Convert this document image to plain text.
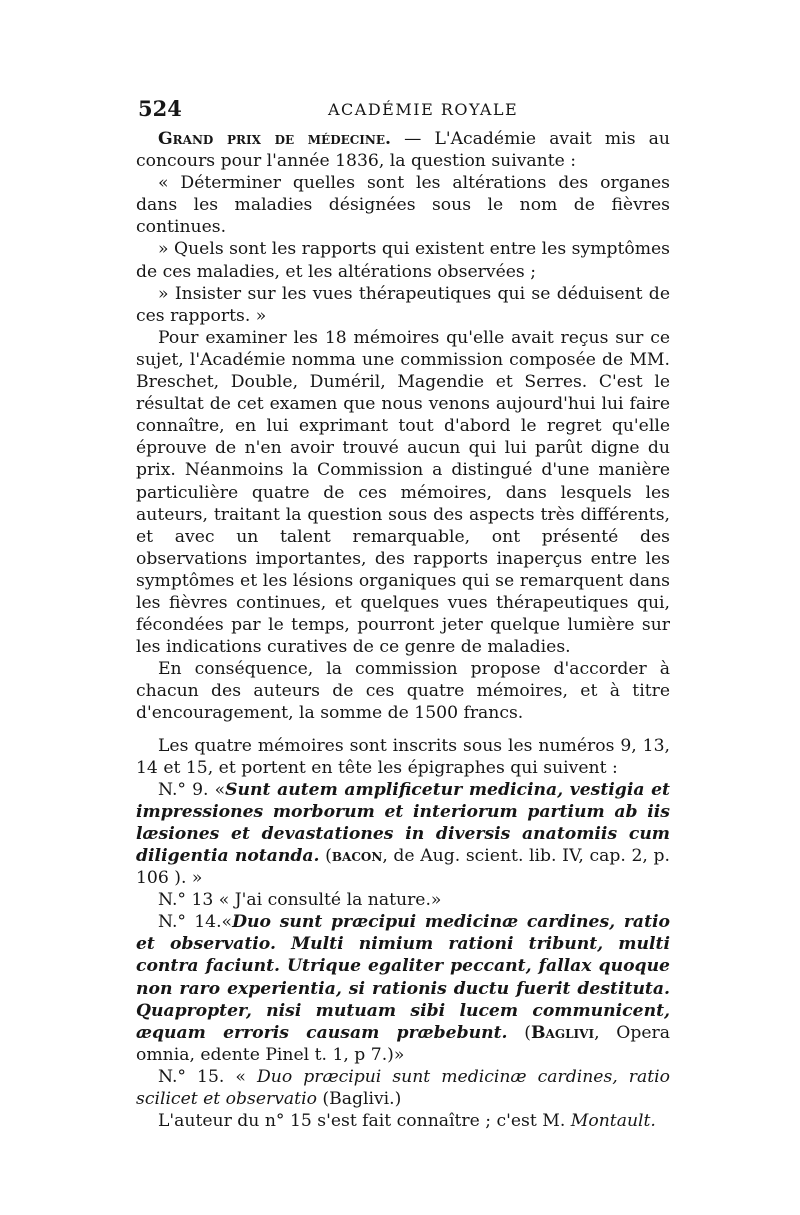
524	ACADÉMIE ROYALE

Grand prix de médecine. — L'Académie avait mis au concours pour l'année 1836, la question suivante :

« Déterminer quelles sont les altérations des organes dans les maladies désignées sous le nom de fièvres continues.

» Quels sont les rapports qui existent entre les symptômes de ces maladies, et les altérations observées ;

» Insister sur les vues thérapeutiques qui se déduisent de ces rapports. »

Pour examiner les 18 mémoires qu'elle avait reçus sur ce sujet, l'Académie nomma une commission composée de MM. Breschet, Double, Duméril, Magendie et Serres. C'est le résultat de cet examen que nous venons aujourd'hui lui faire connaître, en lui exprimant tout d'abord le regret qu'elle éprouve de n'en avoir trouvé aucun qui lui parût digne du prix. Néanmoins la Commission a distingué d'une manière particulière quatre de ces mémoires, dans lesquels les auteurs, traitant la question sous des aspects très différents, et avec un talent remarquable, ont présenté des observations importantes, des rapports inaperçus entre les symptômes et les lésions organiques qui se remarquent dans les fièvres continues, et quelques vues thérapeutiques qui, fécondées par le temps, pourront jeter quelque lumière sur les indications curatives de ce genre de maladies.

En conséquence, la commission propose d'accorder à chacun des auteurs de ces quatre mémoires, et à titre d'encouragement, la somme de 1500 francs.

Les quatre mémoires sont inscrits sous les numéros 9, 13, 14 et 15, et portent en tête les épigraphes qui suivent :

N.° 9. «Sunt autem amplificetur medicina, vestigia et impressiones morborum et interiorum partium ab iis læsiones et devastationes in diversis anatomiis cum diligentia notanda. (bacon, de Aug. scient. lib. IV, cap. 2, p. 106 ). »

N.° 13 « J'ai consulté la nature.»

N.° 14.«Duo sunt præcipui medicinæ cardines, ratio et observatio. Multi nimium rationi tribunt, multi contra faciunt. Utrique egaliter peccant, fallax quoque non raro experientia, si rationis ductu fuerit destituta. Quapropter, nisi mutuam sibi lucem communicent, æquam erroris causam præbebunt. (Baglivi, Opera omnia, edente Pinel t. 1, p 7.)»

N.° 15. « Duo præcipui sunt medicinæ cardines, ratio scilicet et observatio (Baglivi.)

L'auteur du n° 15 s'est fait connaître ; c'est M. Montault.
